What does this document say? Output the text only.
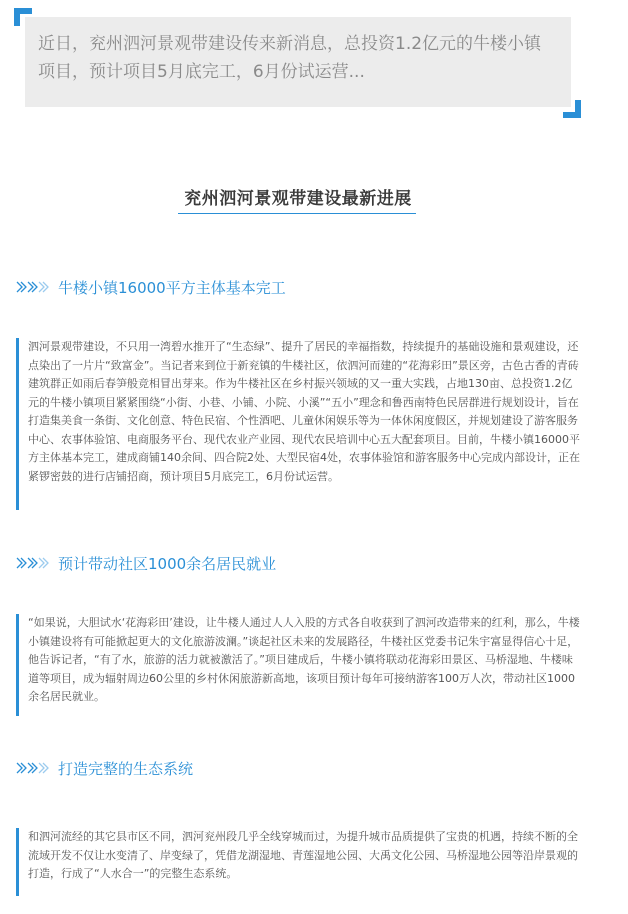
近日，兖州泗河景观带建设传来新消息，总投资1.2亿元的牛楼小镇项目，预计项目5月底完工，6月份试运营...

兖州泗河景观带建设最新进展
牛楼小镇16000平方主体基本完工

泗河景观带建设，不只用一湾碧水推开了“生态绿”、提升了居民的幸福指数，持续提升的基础设施和景观建设，还点染出了一片片“致富金”。当记者来到位于新兖镇的牛楼社区，依泗河而建的“花海彩田”景区旁，古色古香的青砖建筑群正如雨后春笋般竞相冒出芽来。作为牛楼社区在乡村振兴领域的又一重大实践，占地130亩、总投资1.2亿元的牛楼小镇项目紧紧围绕“小街、小巷、小铺、小院、小溪”“五小”理念和鲁西南特色民居群进行规划设计，旨在打造集美食一条街、文化创意、特色民宿、个性酒吧、儿童休闲娱乐等为一体休闲度假区，并规划建设了游客服务中心、农事体验馆、电商服务平台、现代农业产业园、现代农民培训中心五大配套项目。目前，牛楼小镇16000平方主体基本完工，建成商铺140余间、四合院2处、大型民宿4处，农事体验馆和游客服务中心完成内部设计，正在紧锣密鼓的进行店铺招商，预计项目5月底完工，6月份试运营。

预计带动社区1000余名居民就业

“如果说，大胆试水‘花海彩田’建设，让牛楼人通过人人入股的方式各自收获到了泗河改造带来的红利，那么，牛楼小镇建设将有可能掀起更大的文化旅游波澜。”谈起社区未来的发展路径，牛楼社区党委书记朱宇富显得信心十足，他告诉记者，“有了水，旅游的活力就被激活了。”项目建成后，牛楼小镇将联动花海彩田景区、马桥湿地、牛楼味道等项目，成为辐射周边60公里的乡村休闲旅游新高地，该项目预计每年可接纳游客100万人次，带动社区1000余名居民就业。

打造完整的生态系统

和泗河流经的其它县市区不同，泗河兖州段几乎全线穿城而过，为提升城市品质提供了宝贵的机遇，持续不断的全流域开发不仅让水变清了、岸变绿了，凭借龙湖湿地、青莲湿地公园、大禹文化公园、马桥湿地公园等沿岸景观的打造，行成了“人水合一”的完整生态系统。
